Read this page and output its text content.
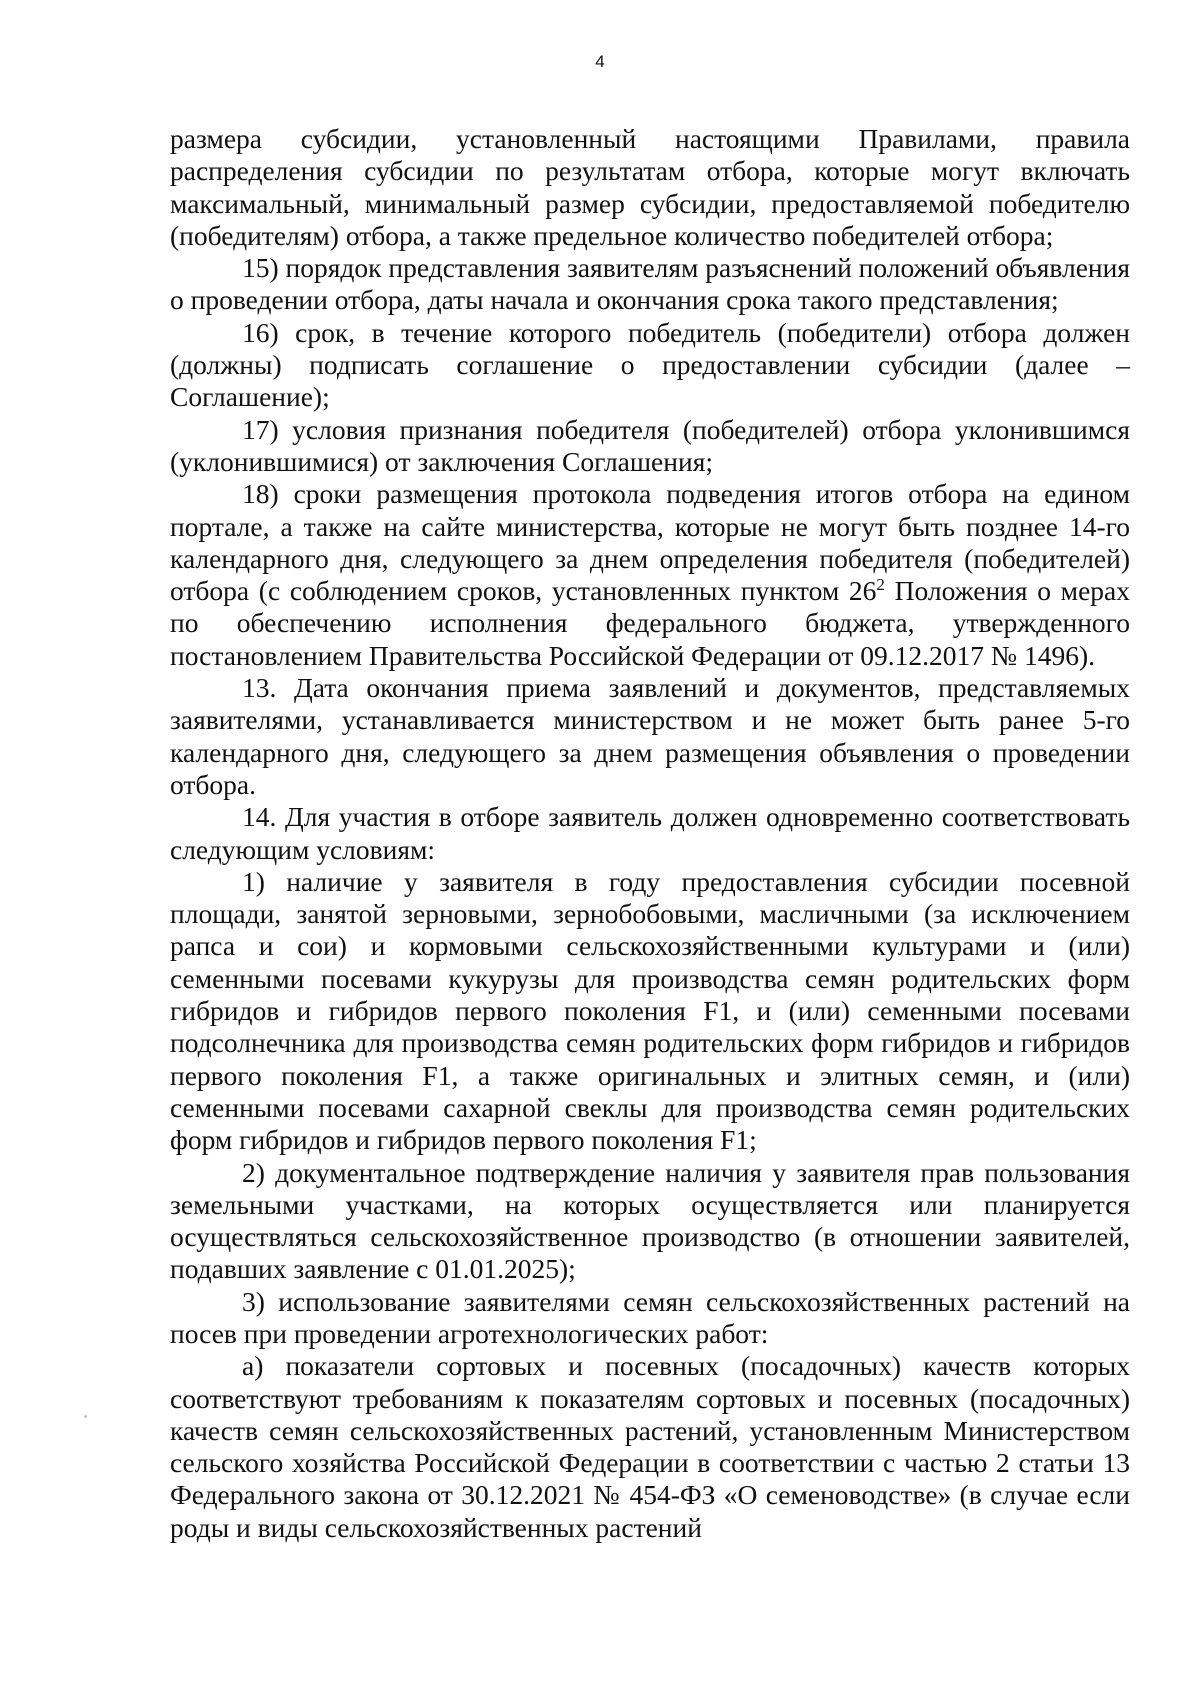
4

размера субсидии, установленный настоящими Правилами, правила распределения субсидии по результатам отбора, которые могут включать максимальный, минимальный размер субсидии, предоставляемой победителю (победителям) отбора, а также предельное количество победителей отбора;

15) порядок представления заявителям разъяснений положений объявления о проведении отбора, даты начала и окончания срока такого представления;

16) срок, в течение которого победитель (победители) отбора должен (должны) подписать соглашение о предоставлении субсидии (далее – Соглашение);

17) условия признания победителя (победителей) отбора уклонившимся (уклонившимися) от заключения Соглашения;

18) сроки размещения протокола подведения итогов отбора на едином портале, а также на сайте министерства, которые не могут быть позднее 14-го календарного дня, следующего за днем определения победителя (победителей) отбора (с соблюдением сроков, установленных пунктом $26^2$ Положения о мерах по обеспечению исполнения федерального бюджета, утвержденного постановлением Правительства Российской Федерации от 09.12.2017 № 1496).

13. Дата окончания приема заявлений и документов, представляемых заявителями, устанавливается министерством и не может быть ранее 5-го календарного дня, следующего за днем размещения объявления о проведении отбора.

14. Для участия в отборе заявитель должен одновременно соответствовать следующим условиям:

1) наличие у заявителя в году предоставления субсидии посевной площади, занятой зерновыми, зернобобовыми, масличными (за исключением рапса и сои) и кормовыми сельскохозяйственными культурами и (или) семенными посевами кукурузы для производства семян родительских форм гибридов и гибридов первого поколения F1, и (или) семенными посевами подсолнечника для производства семян родительских форм гибридов и гибридов первого поколения F1, а также оригинальных и элитных семян, и (или) семенными посевами сахарной свеклы для производства семян родительских форм гибридов и гибридов первого поколения F1;

2) документальное подтверждение наличия у заявителя прав пользования земельными участками, на которых осуществляется или планируется осуществляться сельскохозяйственное производство (в отношении заявителей, подавших заявление с 01.01.2025);

3) использование заявителями семян сельскохозяйственных растений на посев при проведении агротехнологических работ:

а) показатели сортовых и посевных (посадочных) качеств которых соответствуют требованиям к показателям сортовых и посевных (посадочных) качеств семян сельскохозяйственных растений, установленным Министерством сельского хозяйства Российской Федерации в соответствии с частью 2 статьи 13 Федерального закона от 30.12.2021 № 454-ФЗ «О семеноводстве» (в случае если роды и виды сельскохозяйственных растений
